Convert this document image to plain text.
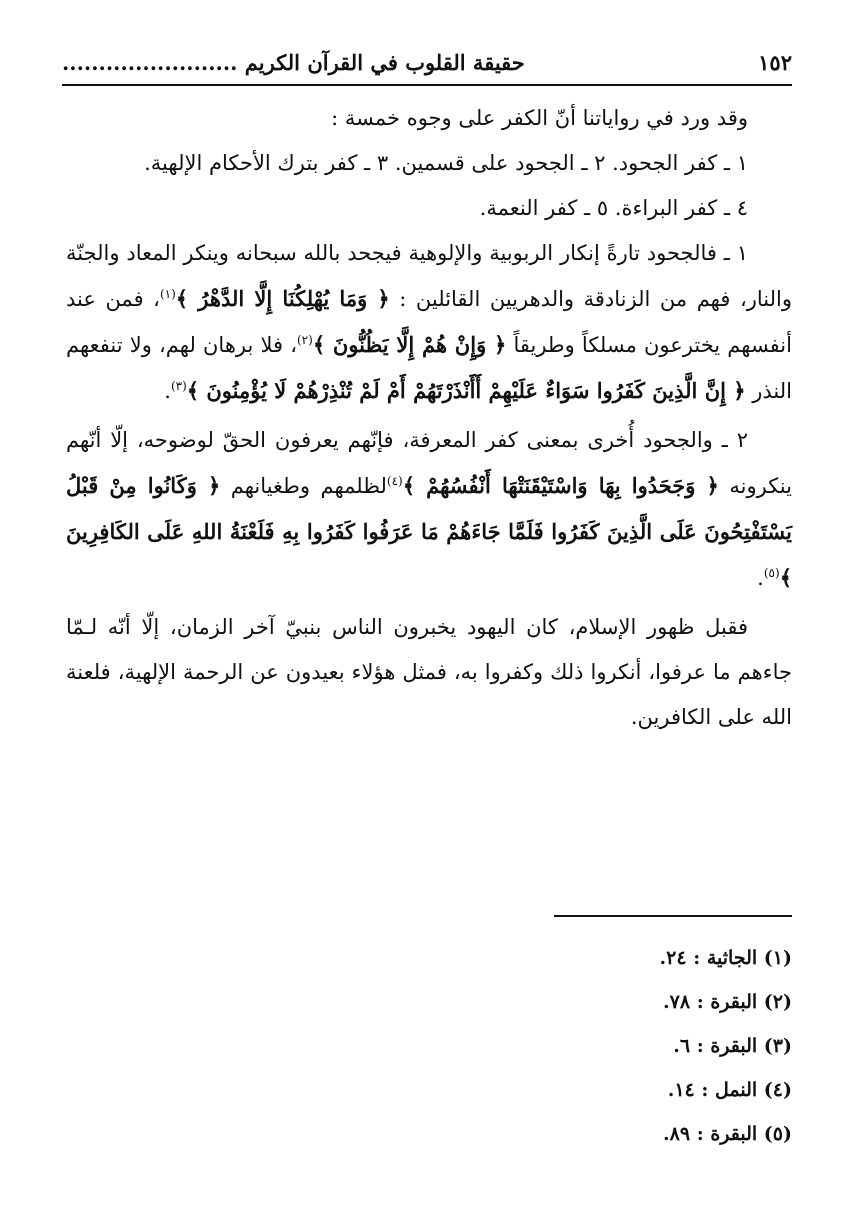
١٥٢
حقيقة القلوب في القرآن الكريم ........................

وقد ورد في رواياتنا أنّ الكفر على وجوه خمسة :

١ ـ كفر الجحود. ٢ ـ الجحود على قسمين. ٣ ـ كفر بترك الأحكام الإلهية.

٤ ـ كفر البراءة. ٥ ـ كفر النعمة.

١ ـ فالجحود تارةً إنكار الربوبية والإلوهية فيجحد بالله سبحانه وينكر المعاد والجنّة والنار، فهم من الزنادقة والدهريين القائلين : ﴿ وَمَا يُهْلِكُنَا إِلَّا الدَّهْرُ ﴾$^{(١)}$، فمن عند أنفسهم يخترعون مسلكاً وطريقاً ﴿ وَإِنْ هُمْ إِلَّا يَظُنُّونَ ﴾$^{(٢)}$، فلا برهان لهم، ولا تنفعهم النذر ﴿ إِنَّ الَّذِينَ كَفَرُوا سَوَاءٌ عَلَيْهِمْ أَأَنْذَرْتَهُمْ أَمْ لَمْ تُنْذِرْهُمْ لَا يُؤْمِنُونَ ﴾$^{(٣)}$.

٢ ـ والجحود أُخرى بمعنى كفر المعرفة، فإنّهم يعرفون الحقّ لوضوحه، إلّا أنّهم ينكرونه ﴿ وَجَحَدُوا بِهَا وَاسْتَيْقَنَتْهَا أَنْفُسُهُمْ ﴾$^{(٤)}$لظلمهم وطغيانهم ﴿ وَكَانُوا مِنْ قَبْلُ يَسْتَفْتِحُونَ عَلَى الَّذِينَ كَفَرُوا فَلَمَّا جَاءَهُمْ مَا عَرَفُوا كَفَرُوا بِهِ فَلَعْنَةُ اللهِ عَلَى الكَافِرِينَ ﴾$^{(٥)}$.

فقبل ظهور الإسلام، كان اليهود يخبرون الناس بنبيّ آخر الزمان، إلّا أنّه لـمّا جاءهم ما عرفوا، أنكروا ذلك وكفروا به، فمثل هؤلاء بعيدون عن الرحمة الإلهية، فلعنة الله على الكافرين.

(١) الجاثية : ٢٤.

(٢) البقرة : ٧٨.

(٣) البقرة : ٦.

(٤) النمل : ١٤.

(٥) البقرة : ٨٩.
